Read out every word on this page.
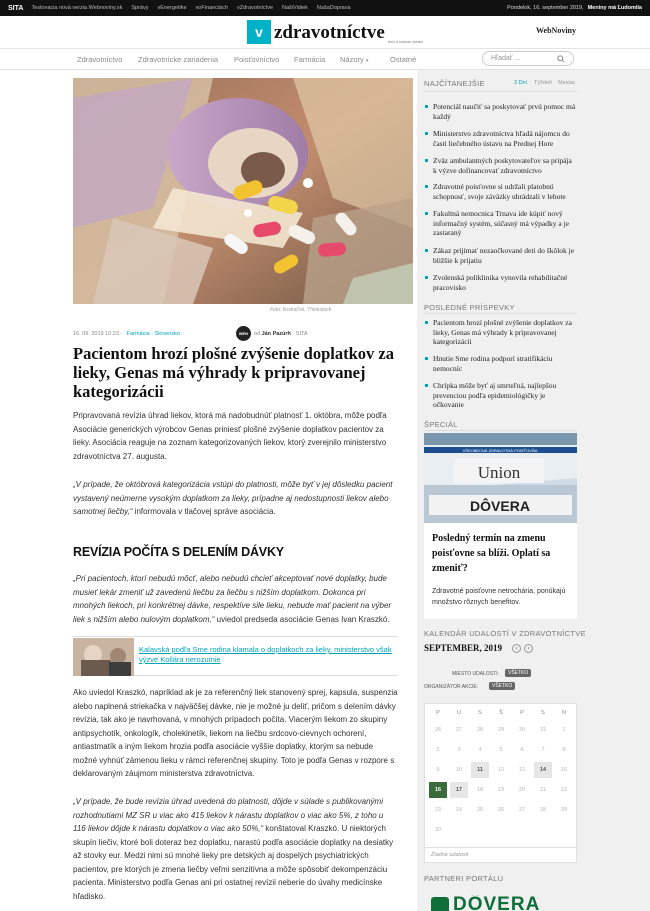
SITA Testovacia nová verzia Webnoviny.sk Správy vEnergetike voFinanciách vZdravotníctve NašiVidiek NašaDoprava	Pondelok, 16. september 2019, Meniny má Ľudomila
v zdravotníctve Info o našom zdraví
WebNoviny
Zdravotníctvo Zdravotnícke zariadenia Poisťovníctvo Farmácia Názory ▾	Ostatné	Hľadať ...
Foto: Ilustračné, Thinkstock
16. 09. 2019 10:23 · Farmácia · Slovensko	WEN	od
Ján Pazúrh
· SITA
Pacientom hrozí plošné zvýšenie doplatkov za lieky, Genas má výhrady k pripravovanej kategorizácii
Pripravovaná revízia úhrad liekov, ktorá má nadobudnúť platnosť 1. októbra, môže podľa Asociácie generických výrobcov Genas priniesť plošné zvýšenie doplatkov pacientov za lieky. Asociácia reaguje na zoznam kategorizovaných liekov, ktorý zverejnilo ministerstvo zdravotníctva 27. augusta.
„V prípade, že októbrová kategorizácia vstúpi do platnosti, môže byť v jej dôsledku pacient vystavený neúmerne vysokým doplatkom za lieky, prípadne aj nedostupnosti liekov alebo samotnej liečby,“ informovala v tlačovej správe asociácia.
REVÍZIA POČÍTA S DELENÍM DÁVKY
„Pri pacientoch, ktorí nebudú môcť, alebo nebudú chcieť akceptovať nové doplatky, bude musieť lekár zmeniť už zavedenú liečbu za liečbu s nižším doplatkom. Dokonca pri mnohých liekoch, pri konkrétnej dávke, respektíve sile lieku, nebude mať pacient na výber liek s nižším alebo nulovým doplatkom,“ uviedol predseda asociácie Genas Ivan Kraszkó.
Kalavská podľa Sme rodina klamala o doplatkoch za lieky, ministerstvo však výzve Kollára nerozumie
Ako uviedol Kraszkó, napríklad ak je za referenčný liek stanovený sprej, kapsula, suspenzia alebo naplnená striekačka v najväčšej dávke, nie je možné ju deliť, pričom s delením dávky revízia, tak ako je navrhovaná, v mnohých prípadoch počíta. Viacerým liekom zo skupiny antipsychotík, onkologík, cholekinetík, liekom na liečbu srdcovo-cievnych ochorení, antiastmatík a iným liekom hrozia podľa asociácie vyššie doplatky, ktorým sa nebude možné vyhnúť zámenou lieku v rámci referenčnej skupiny. Toto je podľa Genas v rozpore s deklarovaným záujmom ministerstva zdravotníctva.
„V prípade, že bude revízia úhrad uvedená do platnosti, dôjde v súlade s publikovanými rozhodnutiami MZ SR u viac ako 415 liekov k nárastu doplatkov o viac ako 5%, z toho u 116 liekov dôjde k nárastu doplatkov o viac ako 50%,“ konštatoval Kraszkó. U niektorých skupín liečiv, ktoré boli doteraz bez doplatku, narastú podľa asociácie doplatky na desiatky až stovky eur. Medzi nimi sú mnohé lieky pre detských aj dospelých psychiatrických pacientov, pre ktorých je zmena liečby veľmi senzitívna a môže spôsobiť dekompenzáciu pacienta. Ministerstvo podľa Genas ani pri ostatnej revízii neberie do úvahy medicínske hľadisko.
NAJČÍTANEJŠIE	3 Dni Týždeň Mesiac
Potenciál naučiť sa poskytovať prvú pomoc má každý
Ministerstvo zdravotníctva hľadá nájomcu do časti liečebného ústavu na Prednej Hore
Zväz ambulantných poskytovateľov sa pripája k výzve dofinancovať zdravotníctvo
Zdravotné poisťovne si udržali platobnú schopnosť, svoje záväzky uhrádzali v lehote
Fakultná nemocnica Trnava ide kúpiť nový informačný systém, súčasný má výpadky a je zastaraný
Zákaz prijímať nezaočkované deti do škôlok je bližšie k prijatiu
Zvolenská poliklinika vynovila rehabilitačné pracovisko
POSLEDNÉ PRÍSPEVKY
Pacientom hrozí plošné zvýšenie doplatkov za lieky, Genas má výhrady k pripravovanej kategorizácii
Hnutie Sme rodina podporí stratifikáciu nemocníc
Chrípka môže byť aj smrteľná, najlepšou prevenciou podľa epidemiológičky je očkovanie
ŠPECIÁL
VŠEOBECNÁ ZDRAVOTNÁ POISŤOVŇA
Union
DÔVERA
Posledný termín na zmenu poisťovne sa blíži. Oplatí sa zmeniť?
Zdravotné poisťovne netrochária, ponúkajú množstvo rôznych benefitov.
KALENDÁR UDALOSTÍ V ZDRAVOTNÍCTVE
SEPTEMBER, 2019	‹	›
MIESTO UDALOSTI:	VŠETKO
ORGANIZÁTOR AKCIE:	VŠETKO
P	U	S	Š	P	S	N
26	27	28	29	30	31	1
2	3	4	5	6	7	8
9	10	11	12	13	14	15
16	17	18	19	20	21	22
23	24	25	26	27	28	29
30
Žiadne udalosti
PARTNERI PORTÁLU
DÔVERA
